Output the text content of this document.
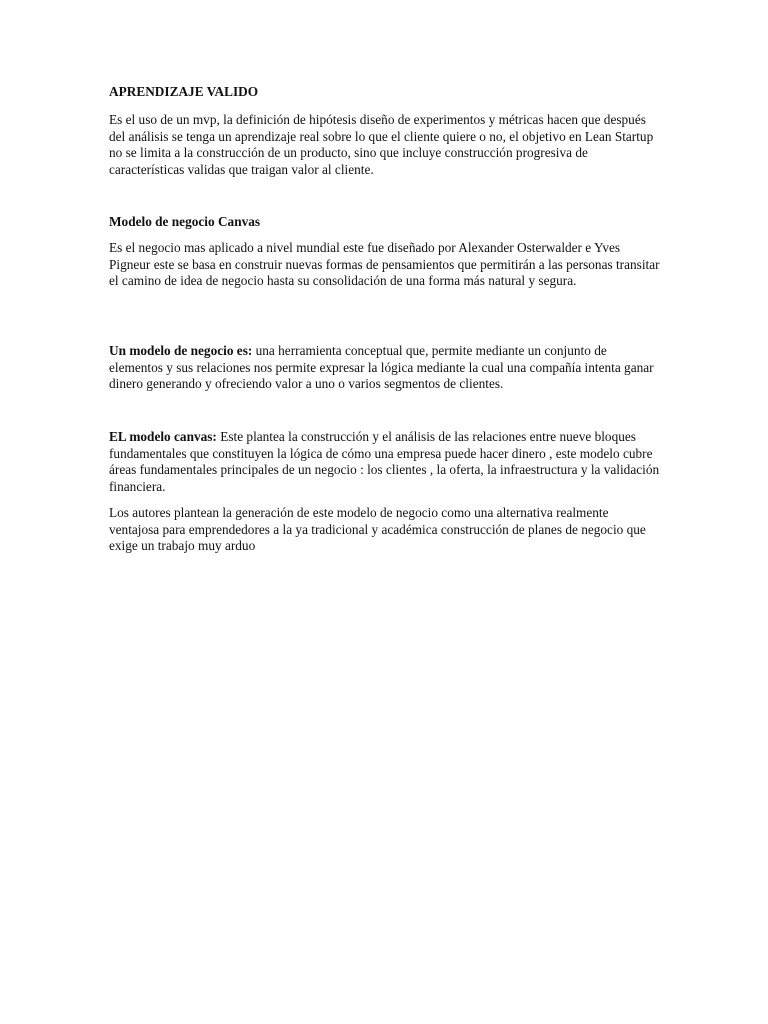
APRENDIZAJE VALIDO
Es el uso de un mvp, la definición de hipótesis diseño de experimentos y métricas hacen que después del análisis se tenga un aprendizaje real sobre lo que el cliente quiere o no, el objetivo en Lean Startup no se limita a la construcción de un producto, sino que incluye construcción progresiva de características validas que traigan valor al cliente.
Modelo de negocio Canvas
Es el negocio mas aplicado a nivel mundial este fue diseñado por Alexander Osterwalder e Yves Pigneur este se basa en construir nuevas formas de pensamientos que permitirán a las personas transitar el camino de idea de negocio hasta su consolidación de una forma más natural y segura.
Un modelo de negocio es: una herramienta conceptual que, permite mediante un conjunto de elementos y sus relaciones nos permite expresar la lógica mediante la cual una compañía intenta ganar dinero generando y ofreciendo valor a uno o varios segmentos de clientes.
EL modelo canvas: Este plantea la construcción y el análisis de las relaciones entre nueve bloques fundamentales que constituyen la lógica de cómo una empresa puede hacer dinero , este modelo cubre áreas fundamentales principales de un negocio : los clientes , la oferta, la infraestructura y la validación financiera.
Los autores plantean la generación de este modelo de negocio como una alternativa realmente ventajosa para emprendedores a la ya tradicional y académica construcción de planes de negocio que exige un trabajo muy arduo
